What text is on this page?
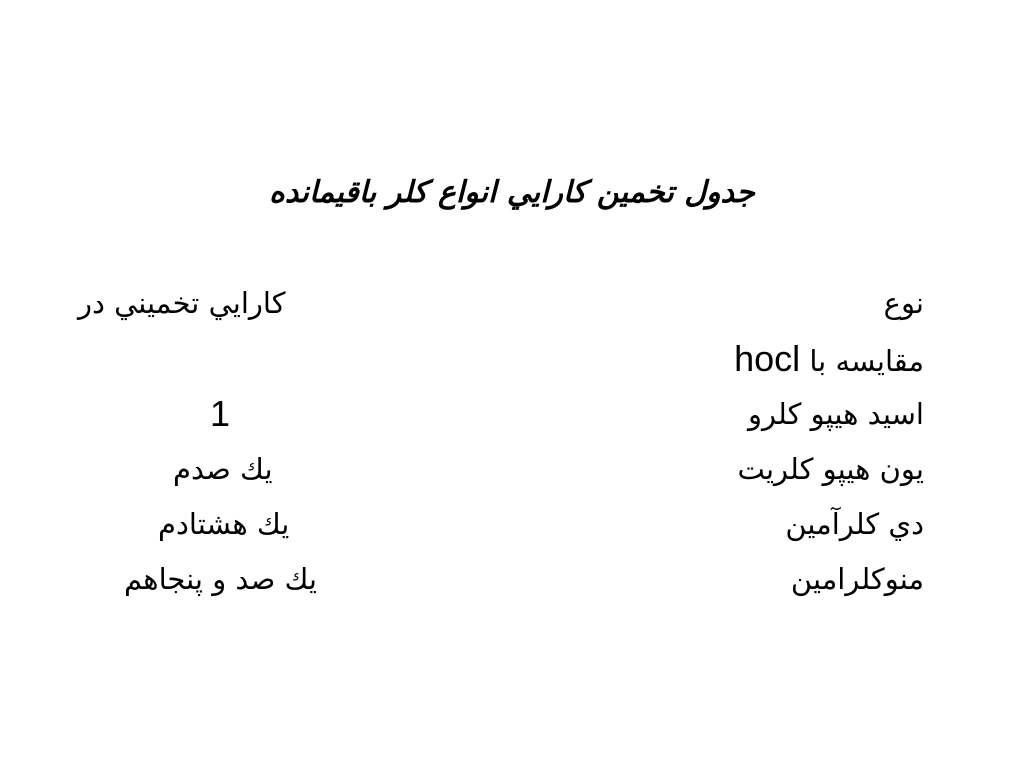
جدول تخمين كارايي انواع كلر باقيمانده
نوع
كارايي تخميني در
مقايسه با hocl
اسيد هيپو كلرو
1
يون هيپو كلريت
يك صدم
دي كلرآمين
يك هشتادم
منوكلرامين
يك صد و پنجاهم
